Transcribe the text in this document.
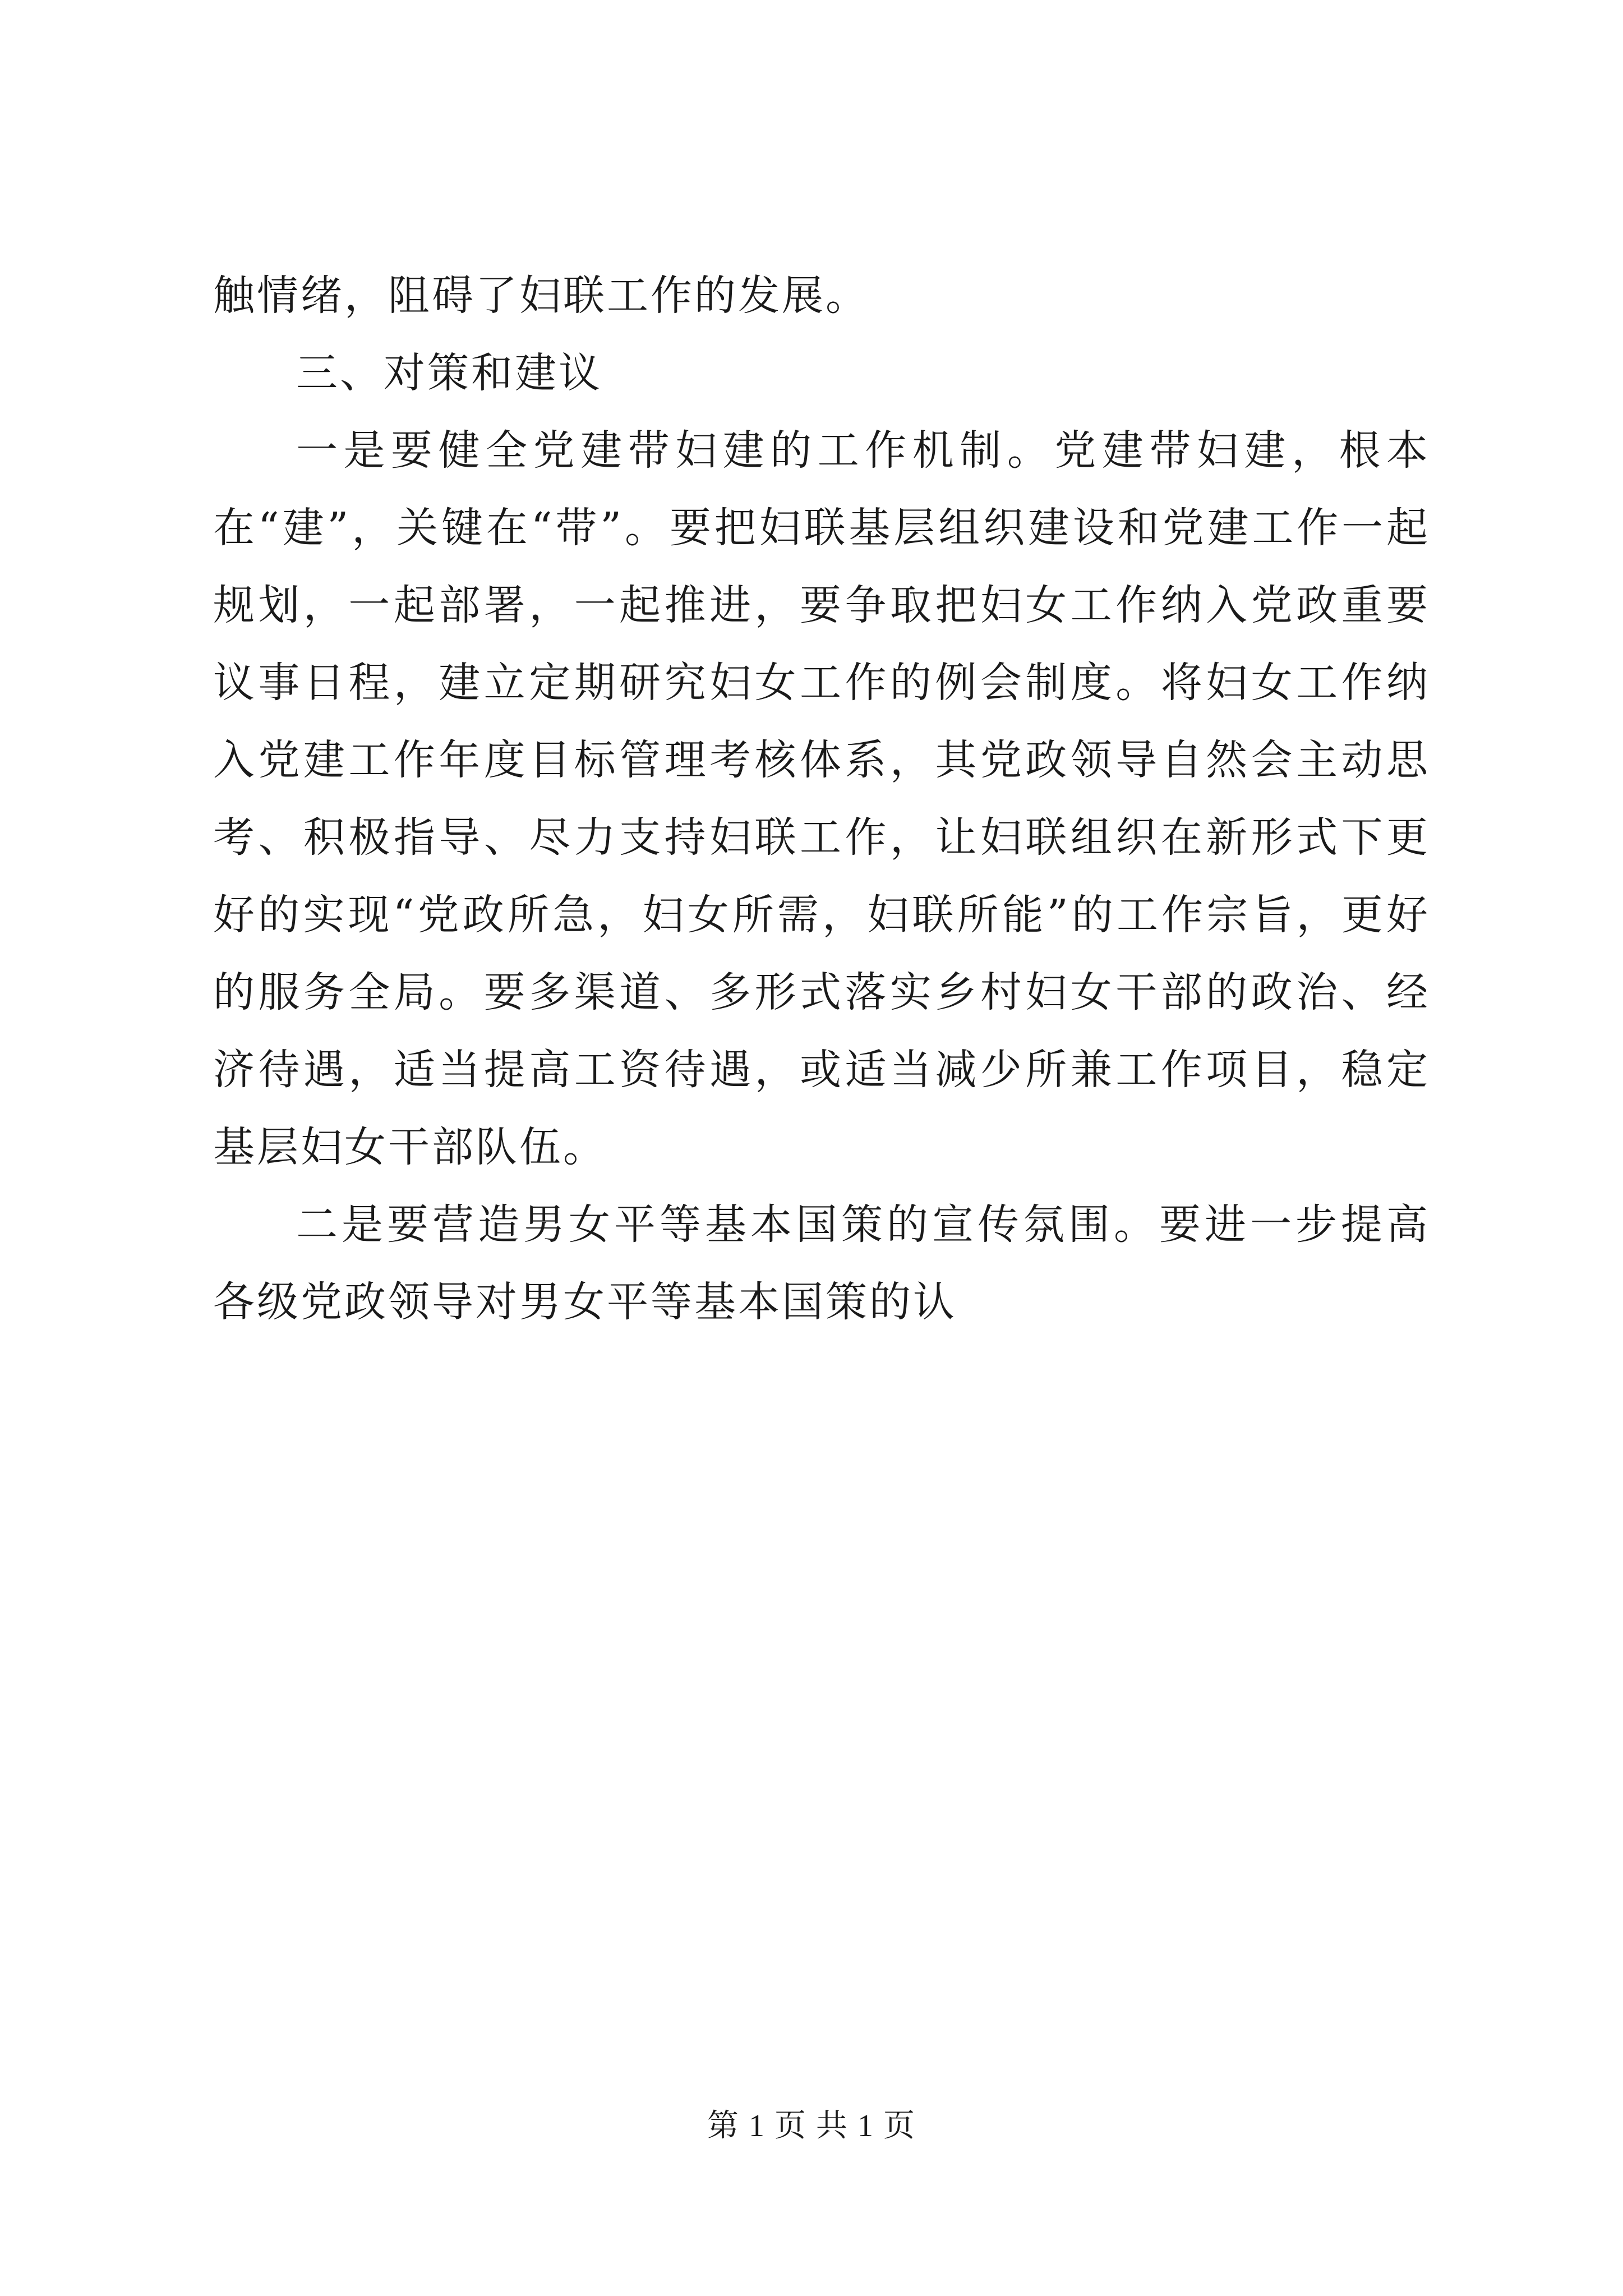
触情绪，阻碍了妇联工作的发展。

三、对策和建议

一是要健全党建带妇建的工作机制。党建带妇建，根本在“建”，关键在“带”。要把妇联基层组织建设和党建工作一起规划，一起部署，一起推进，要争取把妇女工作纳入党政重要议事日程，建立定期研究妇女工作的例会制度。将妇女工作纳入党建工作年度目标管理考核体系，其党政领导自然会主动思考、积极指导、尽力支持妇联工作，让妇联组织在新形式下更好的实现“党政所急，妇女所需，妇联所能”的工作宗旨，更好的服务全局。要多渠道、多形式落实乡村妇女干部的政治、经济待遇，适当提高工资待遇，或适当减少所兼工作项目，稳定基层妇女干部队伍。

二是要营造男女平等基本国策的宣传氛围。要进一步提高各级党政领导对男女平等基本国策的认

第 1 页 共 1 页
